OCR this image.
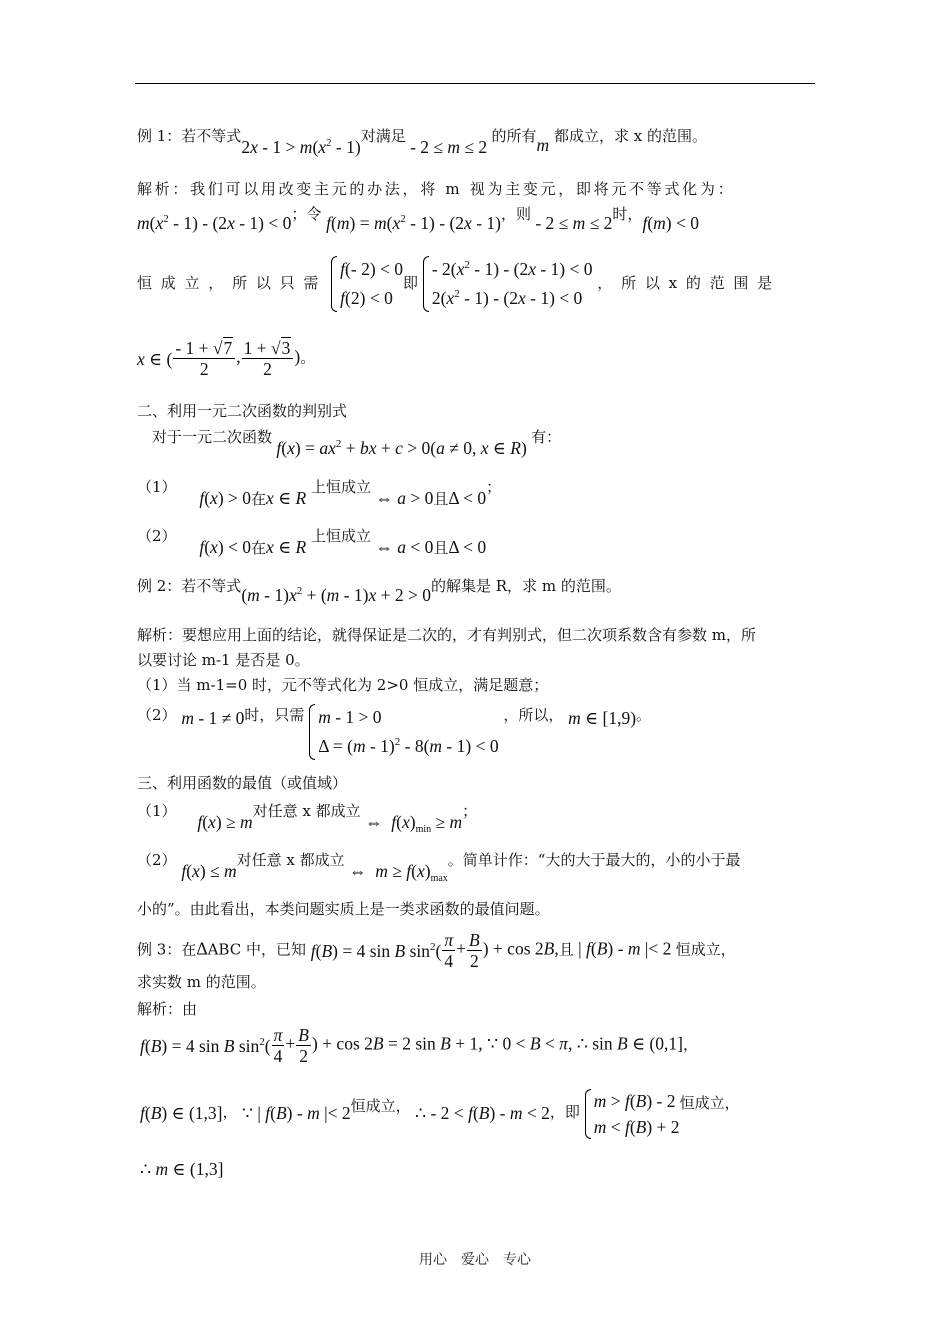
例 1：若不等式$2x - 1 > m(x^2 - 1)$对满足 - 2 ≤ m ≤ 2 的所有m 都成立，求 x 的范围。
解析：我们可以用改变主元的办法，将 m 视为主变元，即将元不等式化为：
$m(x^2 - 1) - (2x - 1) < 0$；令 $f(m) = m(x^2 - 1) - (2x - 1)$，则 - 2 ≤ m ≤ 2时，f(m) < 0
恒 成 立 ， 所 以 只 需
f(- 2) < 0
f(2) < 0
即
- $2(x^2 - 1) - (2x - 1) < 0$
$2(x^2 - 1) - (2x - 1) < 0$
， 所 以 x 的 范 围 是
x ∈ ( $\frac{- 1 + √7}{2}$ , $\frac{1 + √3}{2}$ )。
二、利用一元二次函数的判别式
对于一元二次函数 $f(x) = ax^2$ + bx + c > 0(a ≠ 0, x ∈ R) 有：
（1） f(x) > 0在x ∈ R 上恒成立 ⇔ a > 0且Δ < 0；
（2） f(x) < 0在x ∈ R 上恒成立 ⇔ a < 0且Δ < 0
例 2：若不等式$(m - 1)x^2 + (m - 1)x + 2 > 0$的解集是 R，求 m 的范围。
解析：要想应用上面的结论，就得保证是二次的，才有判别式，但二次项系数含有参数 m，所
以要讨论 m-1 是否是 0。
（1）当 m-1=0 时，元不等式化为 2>0 恒成立，满足题意；
（2） m - 1 ≠ 0时，只需 m - 1 > 0
Δ = (m - 1)$^2$ - 8(m - 1) < 0
，所以， m ∈ [1,9)。
三、利用函数的最值（或值域）
（1） f(x) ≥ m对任意 x 都成立 ⇔  $f(x)_{min} \ge m$；
（2） f(x) ≤ m对任意 x 都成立 ⇔  $m \ge f(x)_{max}$。简单计作：“大的大于最大的，小的小于最
小的”。由此看出，本类问题实质上是一类求函数的最值问题。
例 3：在ΔABC 中，已知 f(B) = 4 sin B $\sin^2( \frac{\pi}{4} + \frac{B}{2}$ ) + cos 2B,且 | f(B) - m |< 2 恒成立，
求实数 m 的范围。
解析：由
f(B) = 4 sin B $\sin^2( \frac{\pi}{4} + \frac{B}{2}$ ) + cos 2B = 2 sin B + 1, ∵ 0 < B < π, ∴ sin B ∈ (0,1]，
f(B) ∈ (1,3]， ∵ | f(B) - m |< 2恒成立， ∴ - 2 < f(B) - m < 2，即
m > f(B) - 2
m < f(B) + 2
恒成立，
∴ m ∈ (1,3]
用心　爱心　专心
